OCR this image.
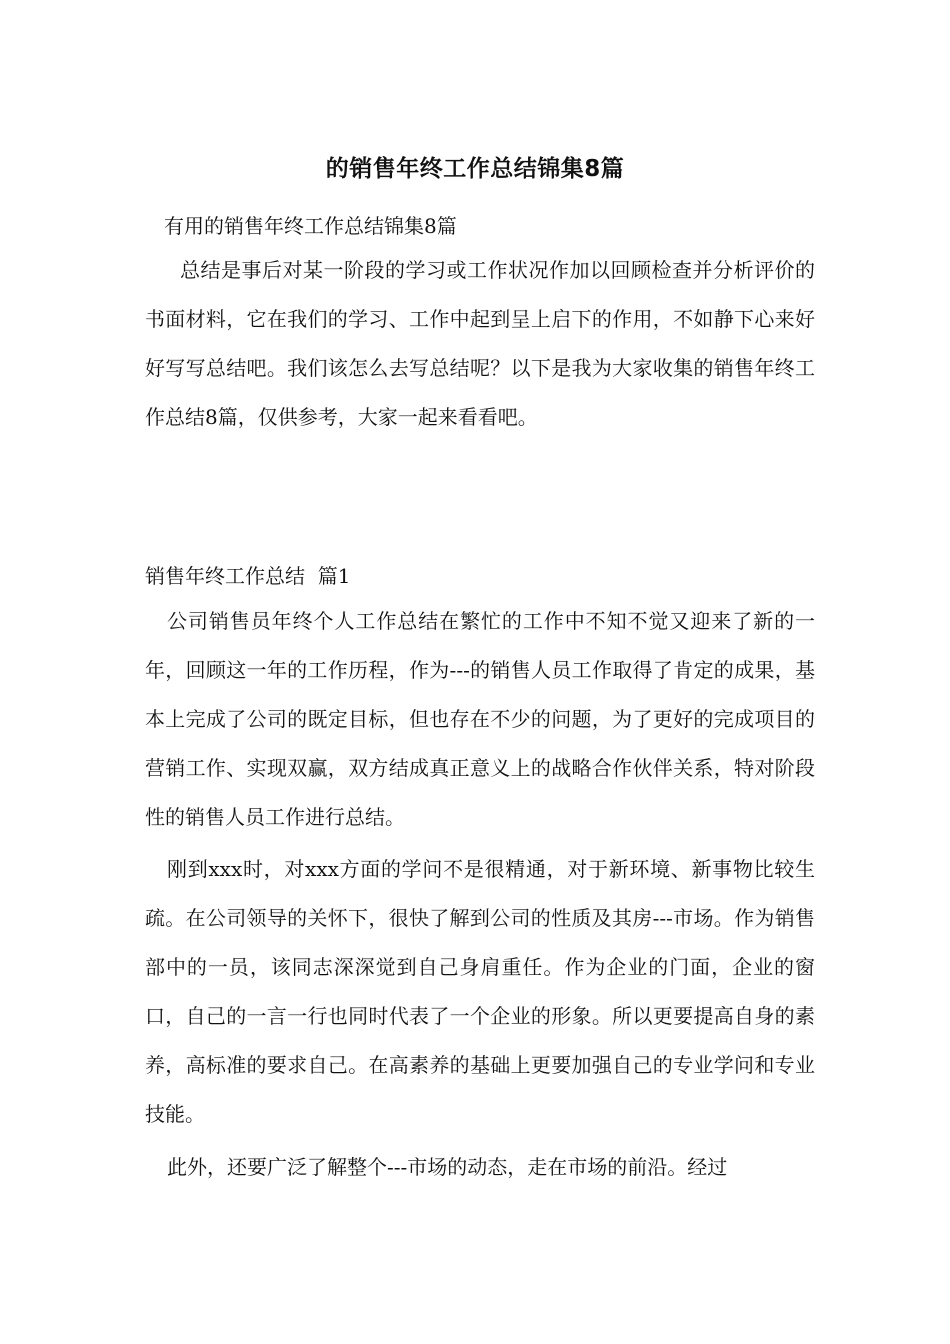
的销售年终工作总结锦集8篇

有用的销售年终工作总结锦集8篇

总结是事后对某一阶段的学习或工作状况作加以回顾检查并分析评价的书面材料，它在我们的学习、工作中起到呈上启下的作用，不如静下心来好好写写总结吧。我们该怎么去写总结呢？以下是我为大家收集的销售年终工作总结8篇，仅供参考，大家一起来看看吧。

销售年终工作总结  篇1

公司销售员年终个人工作总结在繁忙的工作中不知不觉又迎来了新的一年，回顾这一年的工作历程，作为---的销售人员工作取得了肯定的成果，基本上完成了公司的既定目标，但也存在不少的问题，为了更好的完成项目的营销工作、实现双赢，双方结成真正意义上的战略合作伙伴关系，特对阶段性的销售人员工作进行总结。

刚到xxx时，对xxx方面的学问不是很精通，对于新环境、新事物比较生疏。在公司领导的关怀下，很快了解到公司的性质及其房---市场。作为销售部中的一员，该同志深深觉到自己身肩重任。作为企业的门面，企业的窗口，自己的一言一行也同时代表了一个企业的形象。所以更要提高自身的素养，高标准的要求自己。在高素养的基础上更要加强自己的专业学问和专业技能。

此外，还要广泛了解整个---市场的动态，走在市场的前沿。经过
